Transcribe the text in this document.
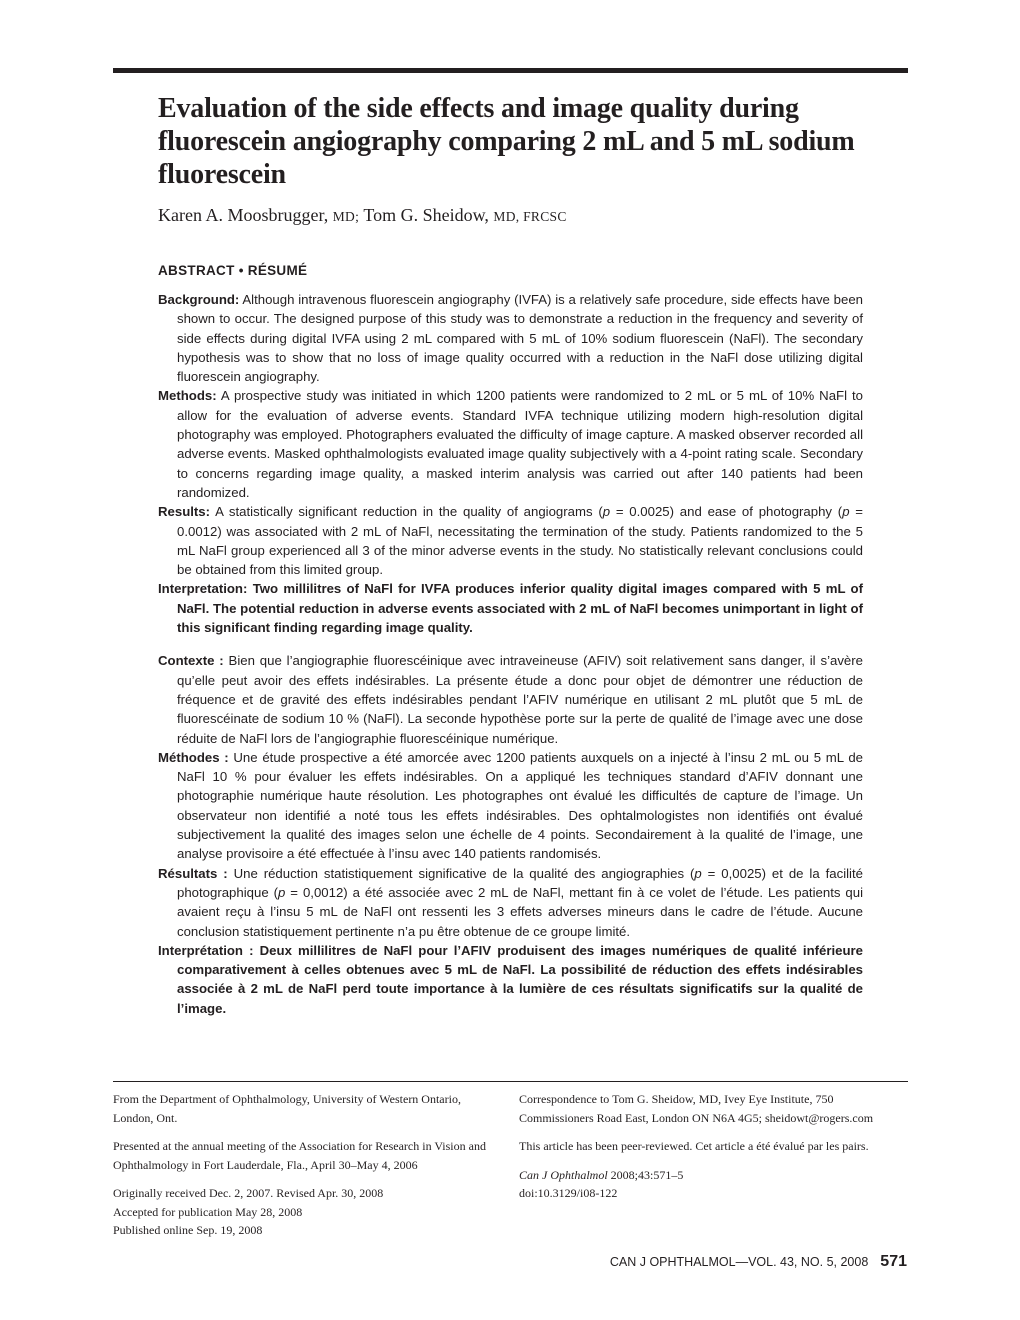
Evaluation of the side effects and image quality during fluorescein angiography comparing 2 mL and 5 mL sodium fluorescein

Karen A. Moosbrugger, MD; Tom G. Sheidow, MD, FRCSC

ABSTRACT • RÉSUMÉ

Background: Although intravenous fluorescein angiography (IVFA) is a relatively safe procedure, side effects have been shown to occur. The designed purpose of this study was to demonstrate a reduction in the frequency and severity of side effects during digital IVFA using 2 mL compared with 5 mL of 10% sodium fluorescein (NaFl). The secondary hypothesis was to show that no loss of image quality occurred with a reduction in the NaFl dose utilizing digital fluorescein angiography.

Methods: A prospective study was initiated in which 1200 patients were randomized to 2 mL or 5 mL of 10% NaFl to allow for the evaluation of adverse events. Standard IVFA technique utilizing modern high-resolution digital photography was employed. Photographers evaluated the difficulty of image capture. A masked observer recorded all adverse events. Masked ophthalmologists evaluated image quality subjectively with a 4-point rating scale. Secondary to concerns regarding image quality, a masked interim analysis was carried out after 140 patients had been randomized.

Results: A statistically significant reduction in the quality of angiograms (p = 0.0025) and ease of photography (p = 0.0012) was associated with 2 mL of NaFl, necessitating the termination of the study. Patients randomized to the 5 mL NaFl group experienced all 3 of the minor adverse events in the study. No statistically relevant conclusions could be obtained from this limited group.

Interpretation: Two millilitres of NaFl for IVFA produces inferior quality digital images compared with 5 mL of NaFl. The potential reduction in adverse events associated with 2 mL of NaFl becomes unimportant in light of this significant finding regarding image quality.

Contexte : Bien que l’angiographie fluorescéinique avec intraveineuse (AFIV) soit relativement sans danger, il s’avère qu’elle peut avoir des effets indésirables. La présente étude a donc pour objet de démontrer une réduction de fréquence et de gravité des effets indésirables pendant l’AFIV numérique en utilisant 2 mL plutôt que 5 mL de fluorescéinate de sodium 10 % (NaFl). La seconde hypothèse porte sur la perte de qualité de l’image avec une dose réduite de NaFl lors de l’angiographie fluorescéinique numérique.

Méthodes : Une étude prospective a été amorcée avec 1200 patients auxquels on a injecté à l’insu 2 mL ou 5 mL de NaFl 10 % pour évaluer les effets indésirables. On a appliqué les techniques standard d’AFIV donnant une photographie numérique haute résolution. Les photographes ont évalué les difficultés de capture de l’image. Un observateur non identifié a noté tous les effets indésirables. Des ophtalmologistes non identifiés ont évalué subjectivement la qualité des images selon une échelle de 4 points. Secondairement à la qualité de l’image, une analyse provisoire a été effectuée à l’insu avec 140 patients randomisés.

Résultats : Une réduction statistiquement significative de la qualité des angiographies (p = 0,0025) et de la facilité photographique (p = 0,0012) a été associée avec 2 mL de NaFl, mettant fin à ce volet de l’étude. Les patients qui avaient reçu à l’insu 5 mL de NaFl ont ressenti les 3 effets adverses mineurs dans le cadre de l’étude. Aucune conclusion statistiquement pertinente n’a pu être obtenue de ce groupe limité.

Interprétation : Deux millilitres de NaFl pour l’AFIV produisent des images numériques de qualité inférieure comparativement à celles obtenues avec 5 mL de NaFl. La possibilité de réduction des effets indésirables associée à 2 mL de NaFl perd toute importance à la lumière de ces résultats significatifs sur la qualité de l’image.

From the Department of Ophthalmology, University of Western Ontario, London, Ont.

Presented at the annual meeting of the Association for Research in Vision and Ophthalmology in Fort Lauderdale, Fla., April 30–May 4, 2006

Originally received Dec. 2, 2007. Revised Apr. 30, 2008
Accepted for publication May 28, 2008
Published online Sep. 19, 2008

Correspondence to Tom G. Sheidow, MD, Ivey Eye Institute, 750 Commissioners Road East, London ON N6A 4G5; sheidowt@rogers.com

This article has been peer-reviewed. Cet article a été évalué par les pairs.

Can J Ophthalmol 2008;43:571–5
doi:10.3129/i08-122

CAN J OPHTHALMOL—VOL. 43, NO. 5, 2008 571
